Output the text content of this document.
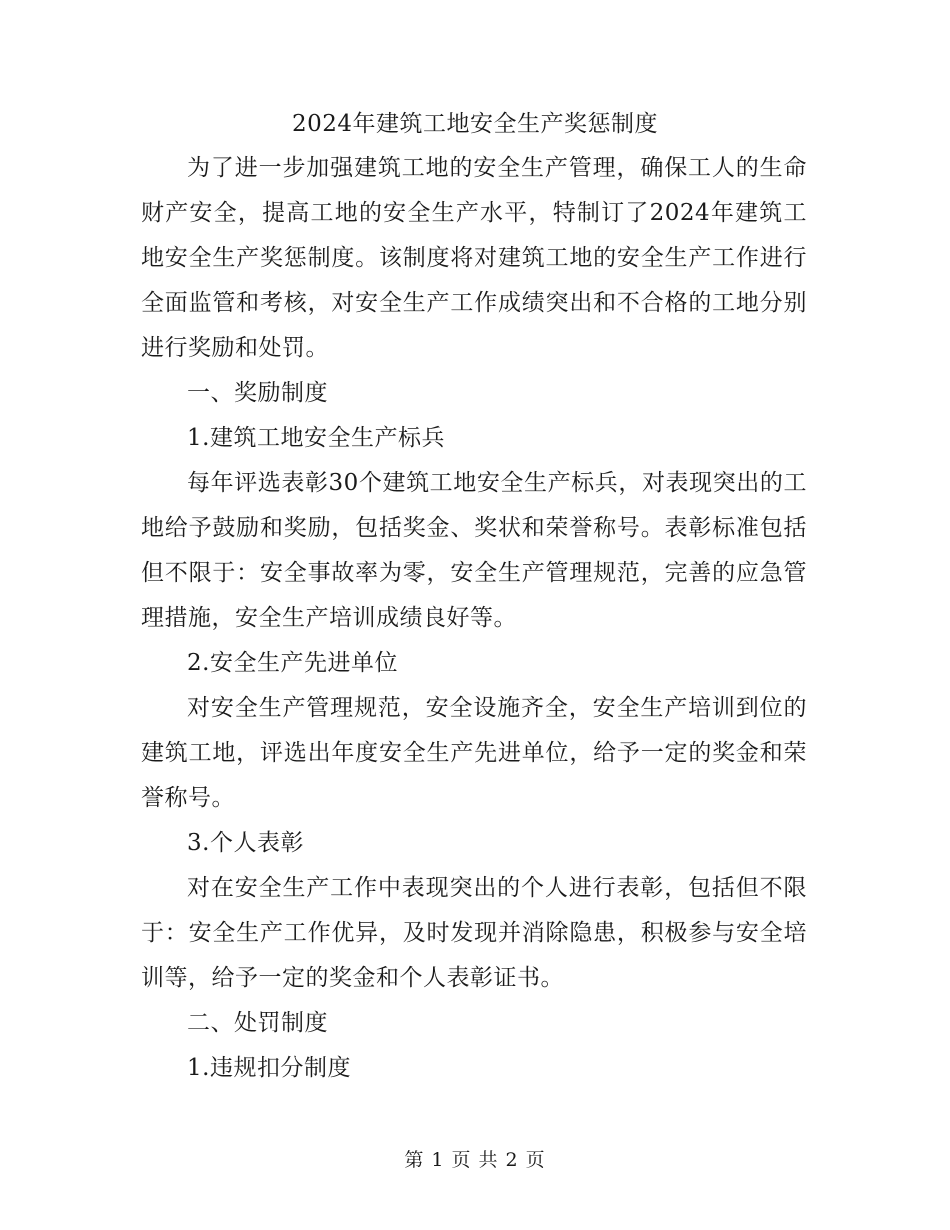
2024年建筑工地安全生产奖惩制度

为了进一步加强建筑工地的安全生产管理，确保工人的生命财产安全，提高工地的安全生产水平，特制订了2024年建筑工地安全生产奖惩制度。该制度将对建筑工地的安全生产工作进行全面监管和考核，对安全生产工作成绩突出和不合格的工地分别进行奖励和处罚。

一、奖励制度

1.建筑工地安全生产标兵

每年评选表彰30个建筑工地安全生产标兵，对表现突出的工地给予鼓励和奖励，包括奖金、奖状和荣誉称号。表彰标准包括但不限于：安全事故率为零，安全生产管理规范，完善的应急管理措施，安全生产培训成绩良好等。

2.安全生产先进单位

对安全生产管理规范，安全设施齐全，安全生产培训到位的建筑工地，评选出年度安全生产先进单位，给予一定的奖金和荣誉称号。

3.个人表彰

对在安全生产工作中表现突出的个人进行表彰，包括但不限于：安全生产工作优异，及时发现并消除隐患，积极参与安全培训等，给予一定的奖金和个人表彰证书。

二、处罚制度

1.违规扣分制度

第 1 页 共 2 页
